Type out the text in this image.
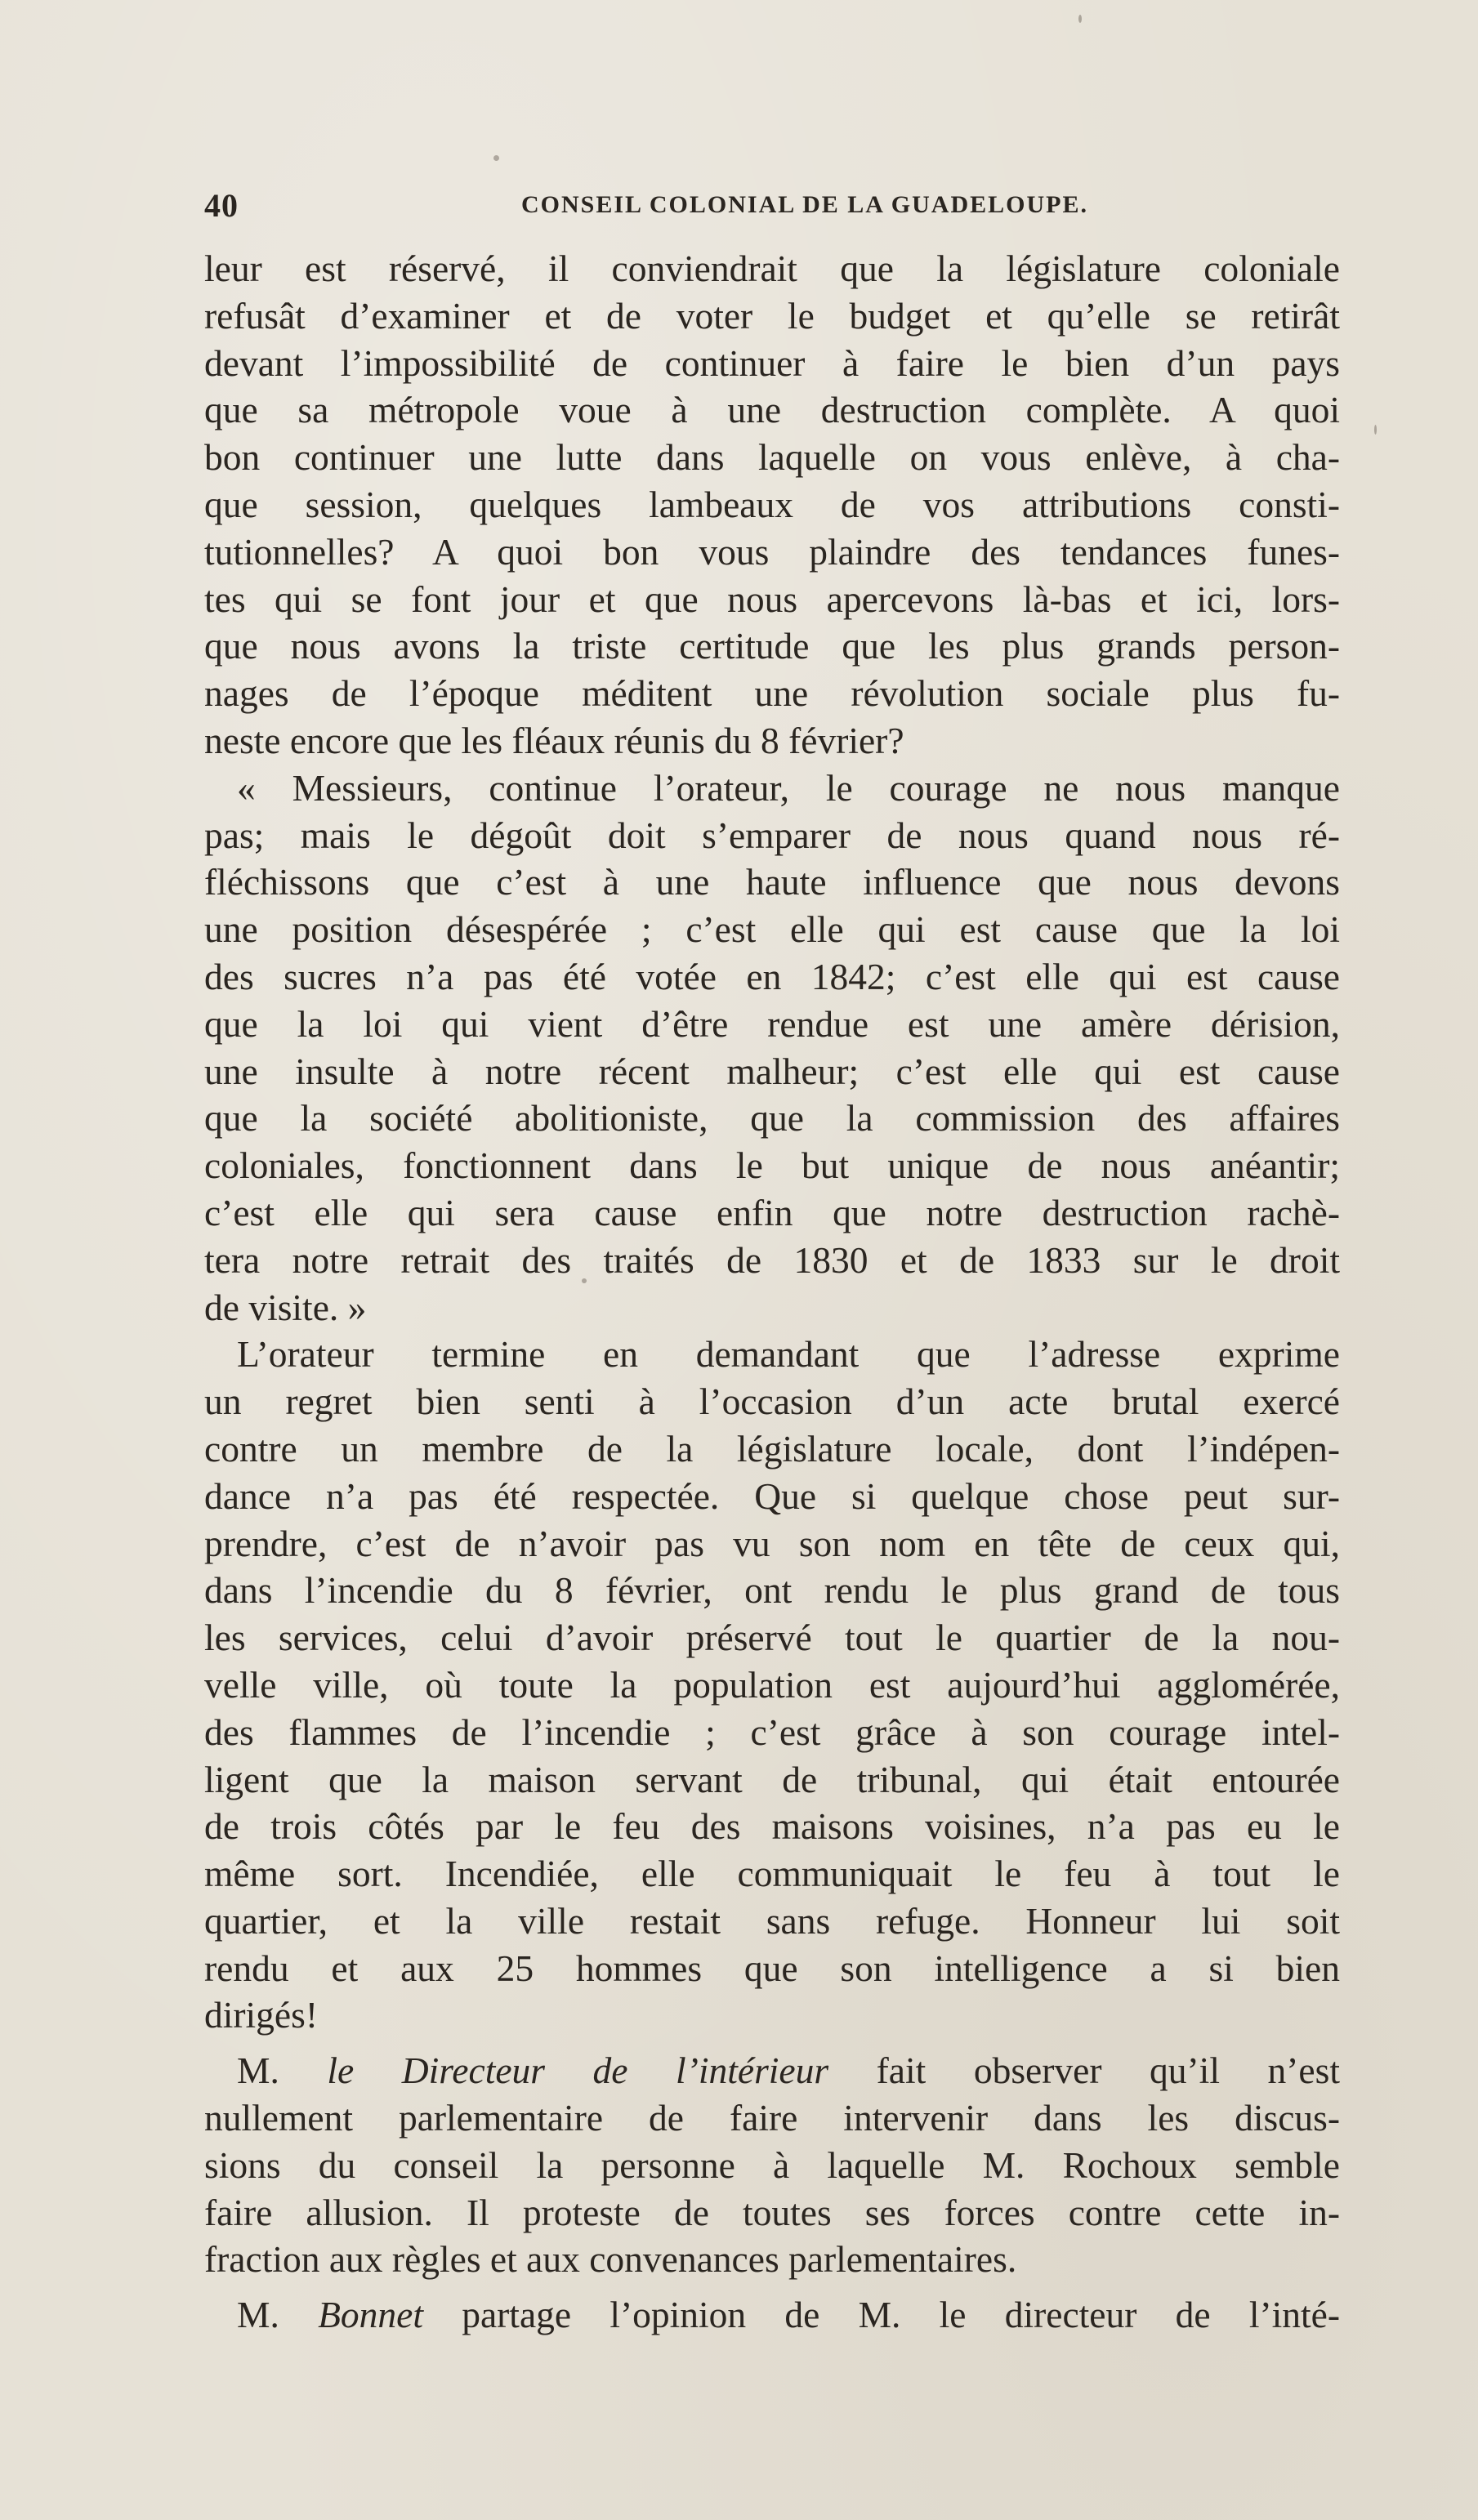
40	CONSEIL COLONIAL DE LA GUADELOUPE.

leur est réservé, il conviendrait que la législature coloniale

refusât d’examiner et de voter le budget et qu’elle se retirât

devant l’impossibilité de continuer à faire le bien d’un pays

que sa métropole voue à une destruction complète. A quoi

bon continuer une lutte dans laquelle on vous enlève, à cha-

que session, quelques lambeaux de vos attributions consti-

tutionnelles? A quoi bon vous plaindre des tendances funes-

tes qui se font jour et que nous apercevons là-bas et ici, lors-

que nous avons la triste certitude que les plus grands person-

nages de l’époque méditent une révolution sociale plus fu-

neste encore que les fléaux réunis du 8 février?

« Messieurs, continue l’orateur, le courage ne nous manque

pas; mais le dégoût doit s’emparer de nous quand nous ré-

fléchissons que c’est à une haute influence que nous devons

une position désespérée ; c’est elle qui est cause que la loi

des sucres n’a pas été votée en 1842; c’est elle qui est cause

que la loi qui vient d’être rendue est une amère dérision,

une insulte à notre récent malheur; c’est elle qui est cause

que la société abolitioniste, que la commission des affaires

coloniales, fonctionnent dans le but unique de nous anéantir;

c’est elle qui sera cause enfin que notre destruction rachè-

tera notre retrait des traités de 1830 et de 1833 sur le droit

de visite. »

L’orateur termine en demandant que l’adresse exprime

un regret bien senti à l’occasion d’un acte brutal exercé

contre un membre de la législature locale, dont l’indépen-

dance n’a pas été respectée. Que si quelque chose peut sur-

prendre, c’est de n’avoir pas vu son nom en tête de ceux qui,

dans l’incendie du 8 février, ont rendu le plus grand de tous

les services, celui d’avoir préservé tout le quartier de la nou-

velle ville, où toute la population est aujourd’hui agglomérée,

des flammes de l’incendie ; c’est grâce à son courage intel-

ligent que la maison servant de tribunal, qui était entourée

de trois côtés par le feu des maisons voisines, n’a pas eu le

même sort. Incendiée, elle communiquait le feu à tout le

quartier, et la ville restait sans refuge. Honneur lui soit

rendu et aux 25 hommes que son intelligence a si bien

dirigés!

M. le Directeur de l’intérieur fait observer qu’il n’est

nullement parlementaire de faire intervenir dans les discus-

sions du conseil la personne à laquelle M. Rochoux semble

faire allusion. Il proteste de toutes ses forces contre cette in-

fraction aux règles et aux convenances parlementaires.

M. Bonnet partage l’opinion de M. le directeur de l’inté-
